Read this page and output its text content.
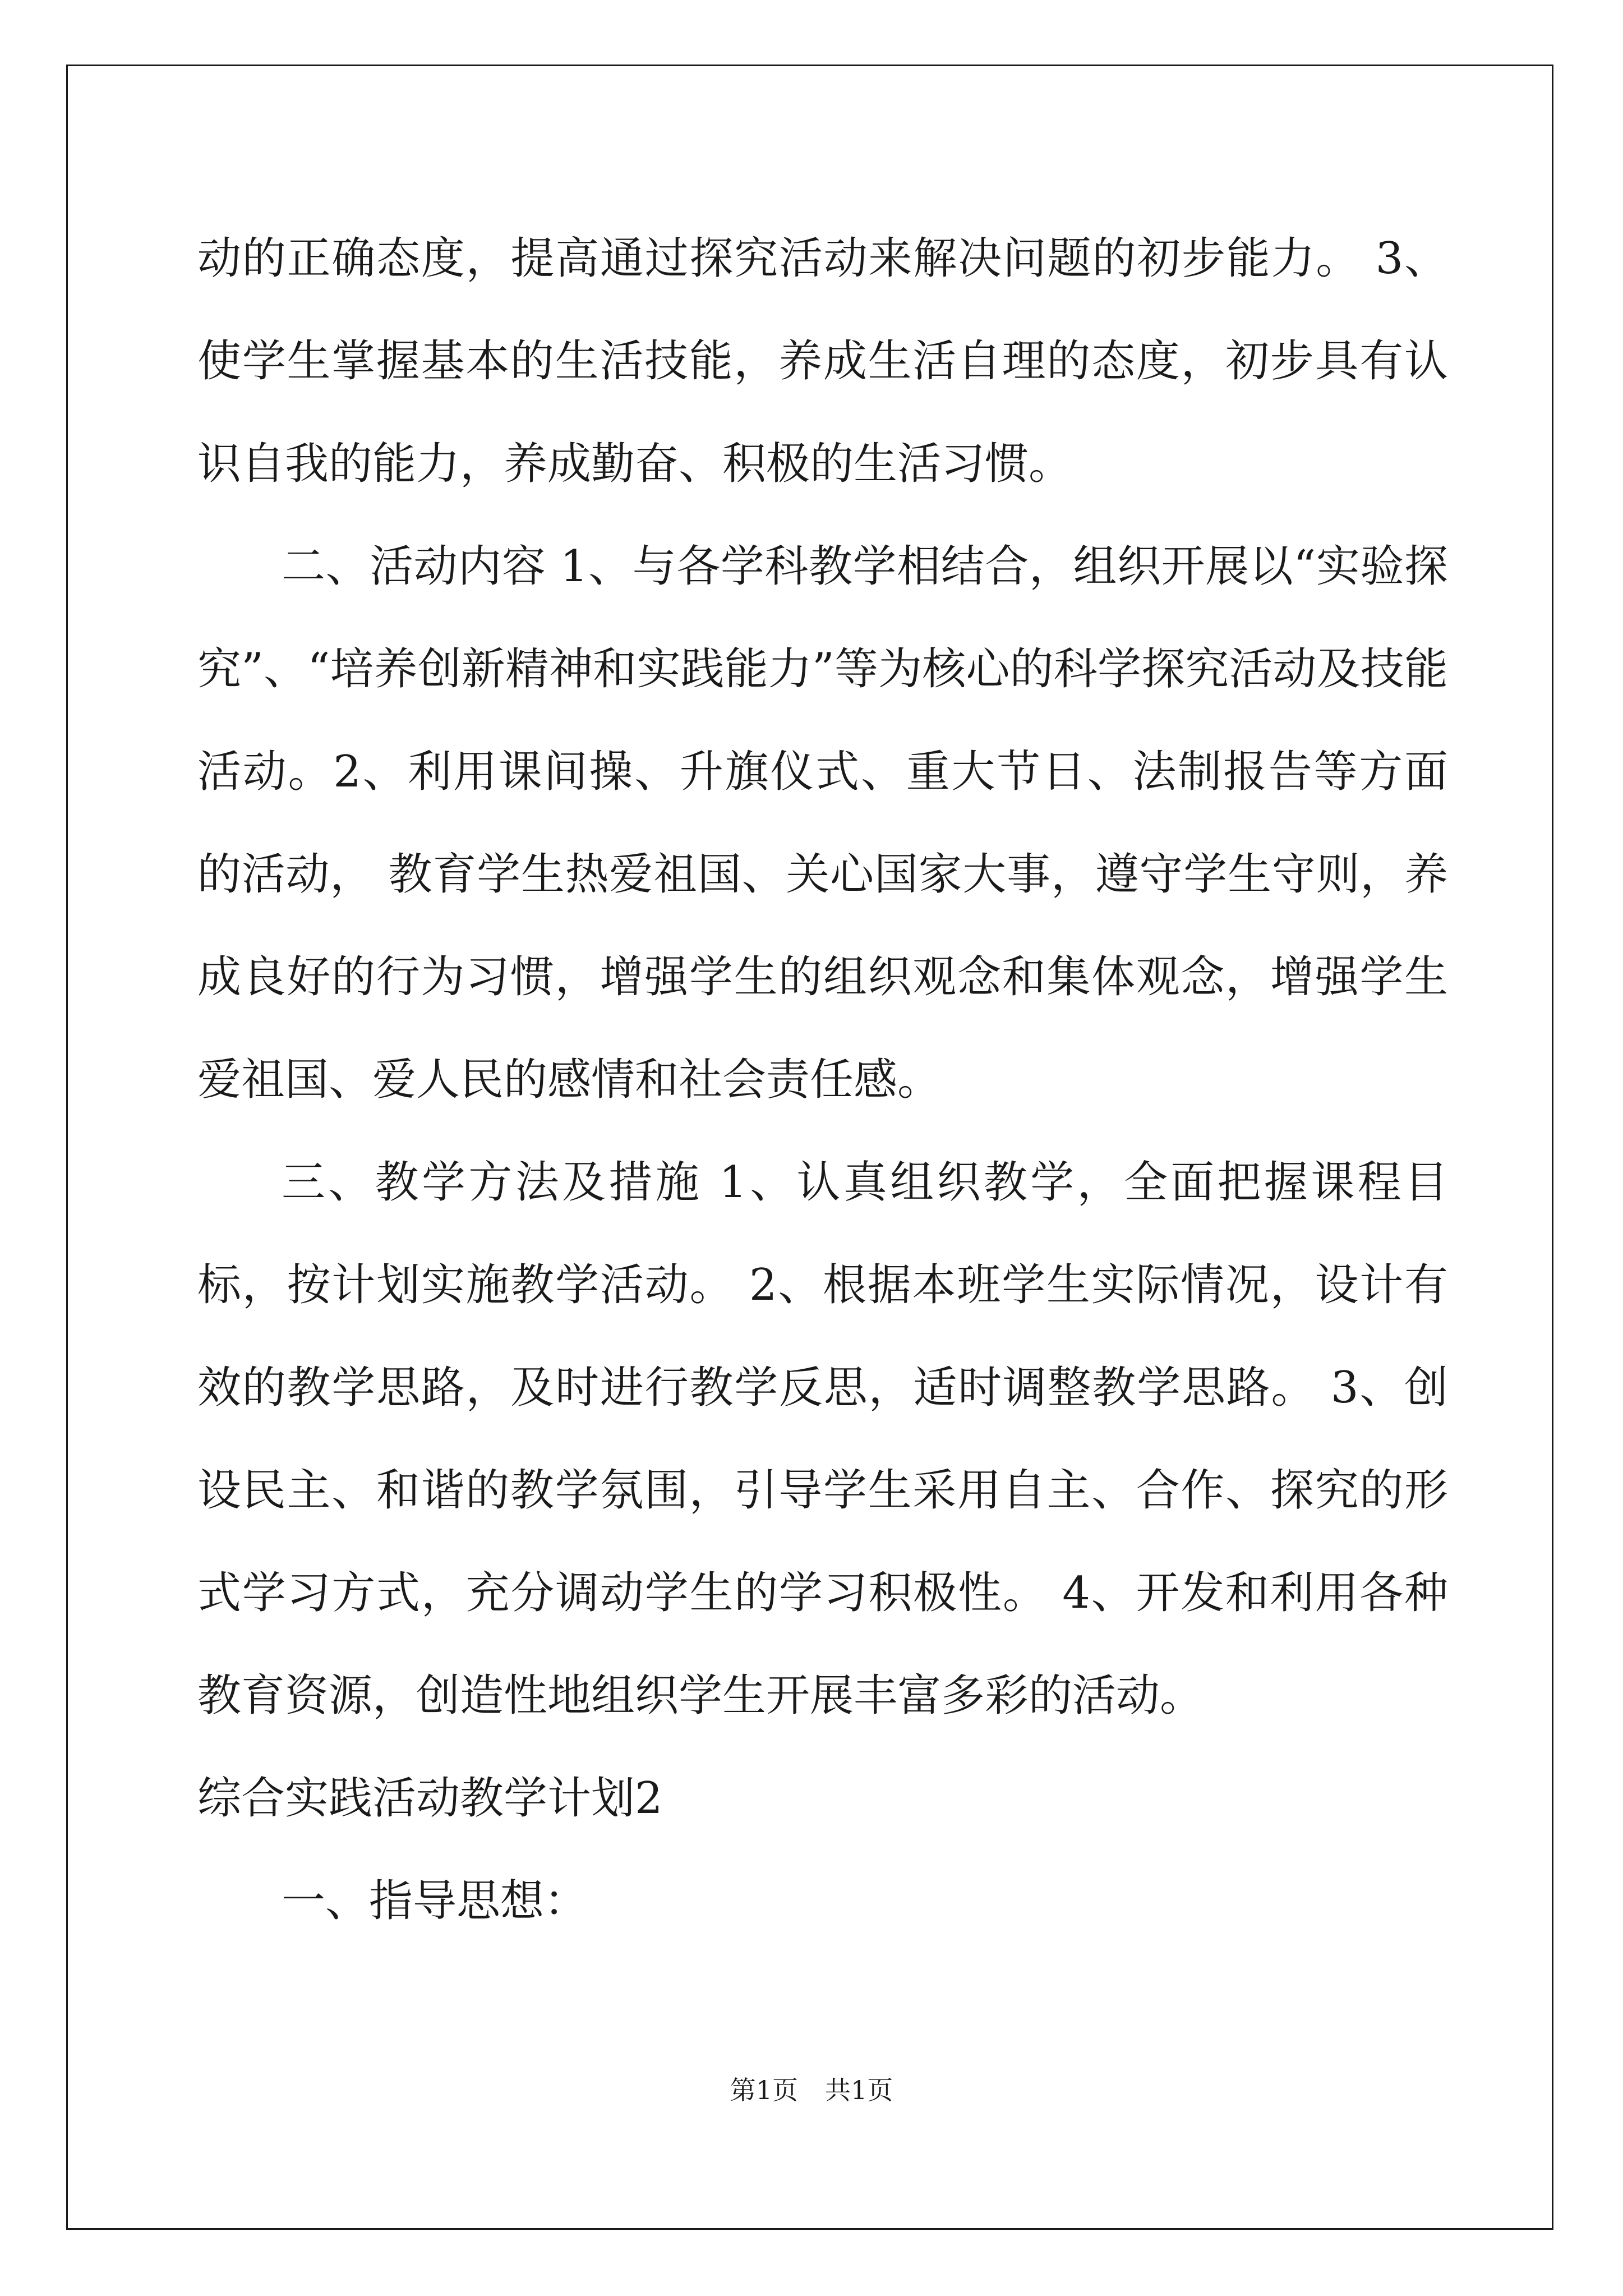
动的正确态度，提高通过探究活动来解决问题的初步能力。 3、使学生掌握基本的生活技能，养成生活自理的态度，初步具有认识自我的能力，养成勤奋、积极的生活习惯。

二、活动内容 1、与各学科教学相结合，组织开展以“实验探究”、“培养创新精神和实践能力”等为核心的科学探究活动及技能活动。2、利用课间操、升旗仪式、重大节日、法制报告等方面的活动， 教育学生热爱祖国、关心国家大事，遵守学生守则，养 成良好的行为习惯，增强学生的组织观念和集体观念，增强学生爱祖国、爱人民的感情和社会责任感。

三、教学方法及措施 1、认真组织教学，全面把握课程目标，按计划实施教学活动。 2、根据本班学生实际情况，设计有效的教学思路，及时进行教学反思，适时调整教学思路。 3、创设民主、和谐的教学氛围，引导学生采用自主、合作、探究的形式学习方式，充分调动学生的学习积极性。 4、开发和利用各种教育资源，创造性地组织学生开展丰富多彩的活动。

综合实践活动教学计划2

一、指导思想：

第1页 共1页
